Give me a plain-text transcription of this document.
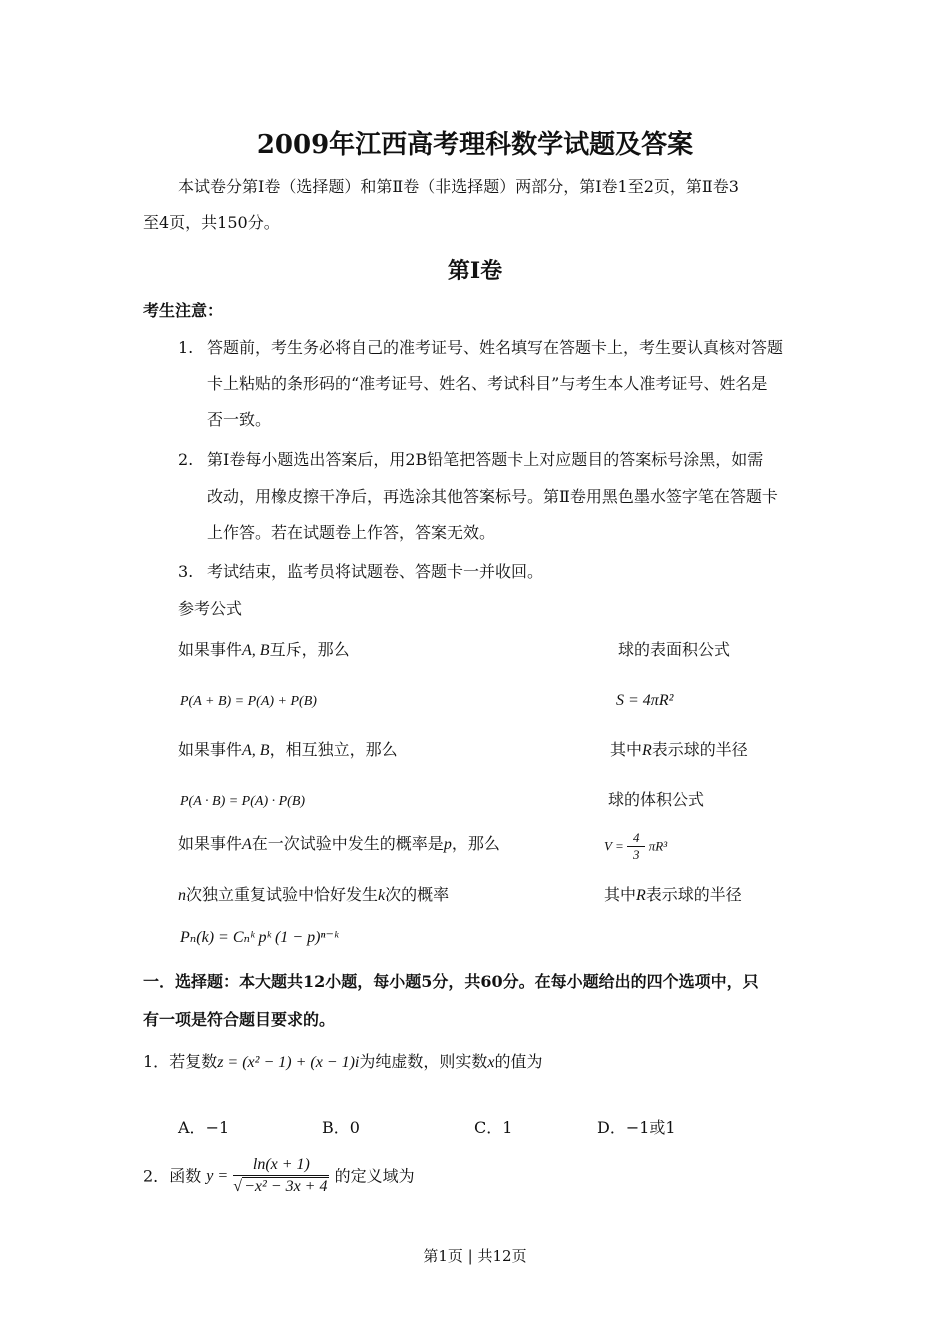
2009年江西高考理科数学试题及答案
本试卷分第Ⅰ卷（选择题）和第Ⅱ卷（非选择题）两部分，第Ⅰ卷1至2页，第Ⅱ卷3
至4页，共150分。
第Ⅰ卷
考生注意：
1. 答题前，考生务必将自己的准考证号、姓名填写在答题卡上，考生要认真核对答题
卡上粘贴的条形码的“准考证号、姓名、考试科目”与考生本人准考证号、姓名是
否一致。
2. 第I卷每小题选出答案后，用2B铅笔把答题卡上对应题目的答案标号涂黑，如需
改动，用橡皮擦干净后，再选涂其他答案标号。第Ⅱ卷用黑色墨水签字笔在答题卡
上作答。若在试题卷上作答，答案无效。
3. 考试结束，监考员将试题卷、答题卡一并收回。
参考公式
如果事件A, B互斥，那么	球的表面积公式
P(A + B) = P(A) + P(B)	S = 4πR²
如果事件A, B，相互独立，那么	其中R表示球的半径
P(A · B) = P(A) · P(B)	球的体积公式
如果事件A在一次试验中发生的概率是p，那么	$V = \frac{4}{3} \pi R^3$
n次独立重复试验中恰好发生k次的概率	其中R表示球的半径
Pₙ(k) = Cₙᵏ pᵏ (1 − p)ⁿ⁻ᵏ
一．选择题：本大题共12小题，每小题5分，共60分。在每小题给出的四个选项中，只
有一项是符合题目要求的。
1．若复数z = (x² − 1) + (x − 1)i为纯虚数，则实数x的值为
A．−1	B．0	C．1	D．−1或1
2．函数 $y = \frac{\ln(x + 1)}{\text{√ −x² − 3x + 4}}$ 的定义域为
第1页 | 共12页
